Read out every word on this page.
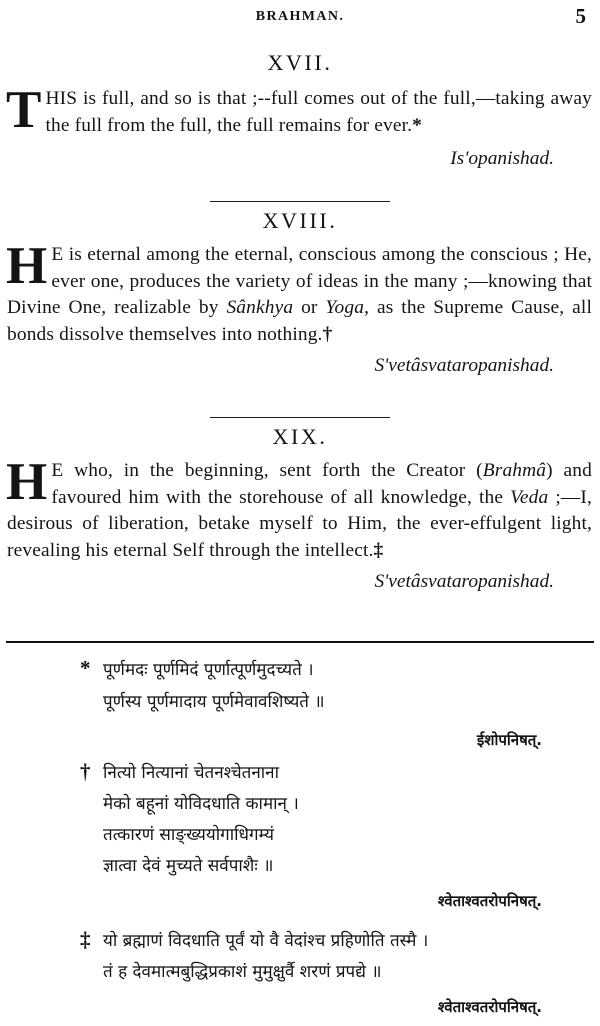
BRAHMAN.	5
XVII.

THIS is full, and so is that ;--full comes out of the full,—taking away the full from the full, the full remains for ever.*

Is'opanishad.
XVIII.

H E is eternal among the eternal, conscious among the conscious ; He, ever one, produces the variety of ideas in the many ;—knowing that Divine One, realizable by Sânkhya or Yoga, as the Supreme Cause, all bonds dissolve themselves into nothing.†

S'vetâsvataropanishad.
XIX.

H E who, in the beginning, sent forth the Creator (Brahmâ) and favoured him with the storehouse of all knowledge, the Veda ;—I, desirous of liberation, betake myself to Him, the ever-effulgent light, revealing his eternal Self through the intellect.‡

S'vetâsvataropanishad.
* पूर्णमदः पूर्णमिदं पूर्णात्पूर्णमुदच्यते ।
पूर्णस्य पूर्णमादाय पूर्णमेवावशिष्यते ॥
ईशोपनिषत्.
† नित्यो नित्यानां चेतनश्चेतनाना
मेको बहूनां योविदधाति कामान् ।
तत्कारणं साङ्ख्ययोगाधिगम्यं
ज्ञात्वा देवं मुच्यते सर्वपाशैः ॥
श्वेताश्वतरोपनिषत्.
‡ यो ब्रह्माणं विदधाति पूर्वं यो वै वेदांश्च प्रहिणोति तस्मै ।
तं ह देवमात्मबुद्धिप्रकाशं मुमुक्षुर्वै शरणं प्रपद्ये ॥
श्वेताश्वतरोपनिषत्.
